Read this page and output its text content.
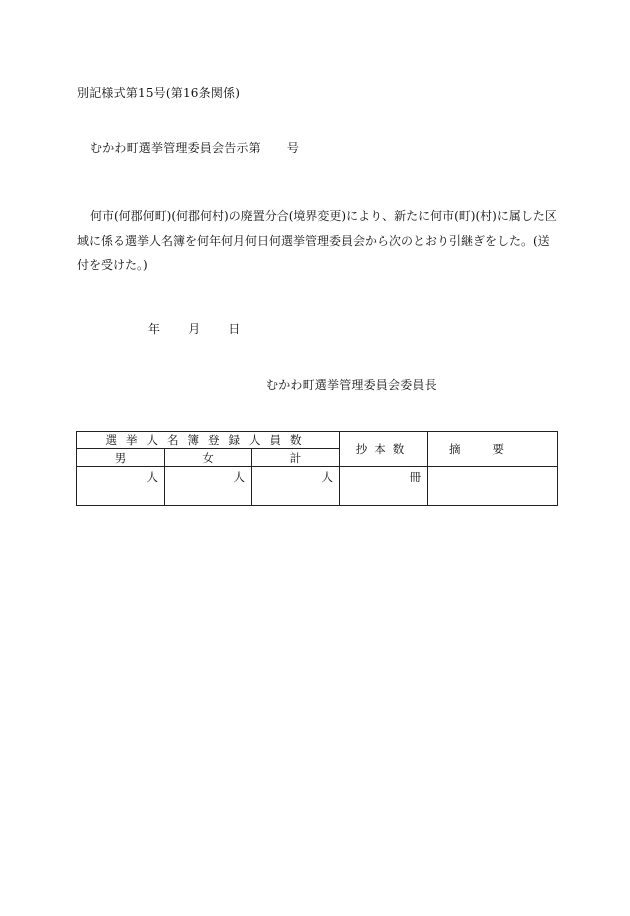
別記様式第15号(第16条関係)
むかわ町選挙管理委員会告示第 号
何市(何郡何町)(何郡何村)の廃置分合(境界変更)により、新たに何市(町)(村)に属した区域に係る選挙人名簿を何年何月何日何選挙管理委員会から次のとおり引継ぎをした。(送付を受けた。)
年 月 日
むかわ町選挙管理委員会委員長
選挙人名簿登録人員数			抄本数	摘要
男	女	計		
人	人	人	冊	
